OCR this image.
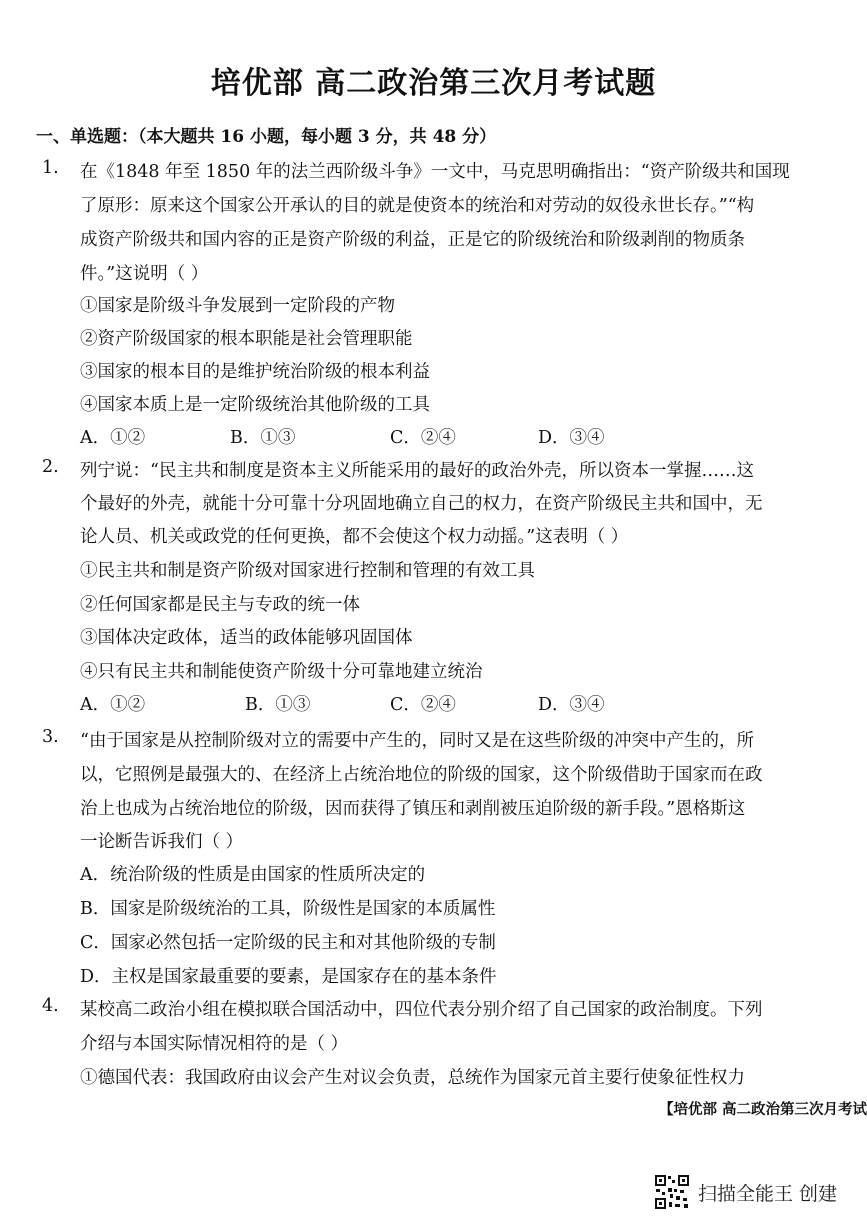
培优部 高二政治第三次月考试题
一、单选题：（本大题共 16 小题，每小题 3 分，共 48 分）
1. 在《1848 年至 1850 年的法兰西阶级斗争》一文中，马克思明确指出：“资产阶级共和国现
了原形：原来这个国家公开承认的目的就是使资本的统治和对劳动的奴役永世长存。”“构
成资产阶级共和国内容的正是资产阶级的利益，正是它的阶级统治和阶级剥削的物质条
件。”这说明（ ）
①国家是阶级斗争发展到一定阶段的产物
②资产阶级国家的根本职能是社会管理职能
③国家的根本目的是维护统治阶级的根本利益
④国家本质上是一定阶级统治其他阶级的工具
A．①②	B．①③	C．②④	D．③④
2. 列宁说：“民主共和制度是资本主义所能采用的最好的政治外壳，所以资本一掌握……这
个最好的外壳，就能十分可靠十分巩固地确立自己的权力，在资产阶级民主共和国中，无
论人员、机关或政党的任何更换，都不会使这个权力动摇。”这表明（ ）
①民主共和制是资产阶级对国家进行控制和管理的有效工具
②任何国家都是民主与专政的统一体
③国体决定政体，适当的政体能够巩固国体
④只有民主共和制能使资产阶级十分可靠地建立统治
A．①②	B．①③	C．②④	D．③④
3. “由于国家是从控制阶级对立的需要中产生的，同时又是在这些阶级的冲突中产生的，所
以，它照例是最强大的、在经济上占统治地位的阶级的国家，这个阶级借助于国家而在政
治上也成为占统治地位的阶级，因而获得了镇压和剥削被压迫阶级的新手段。”恩格斯这
一论断告诉我们（ ）
A．统治阶级的性质是由国家的性质所决定的
B．国家是阶级统治的工具，阶级性是国家的本质属性
C．国家必然包括一定阶级的民主和对其他阶级的专制
D．主权是国家最重要的要素，是国家存在的基本条件
4. 某校高二政治小组在模拟联合国活动中，四位代表分别介绍了自己国家的政治制度。下列
介绍与本国实际情况相符的是（ ）
①德国代表：我国政府由议会产生对议会负责，总统作为国家元首主要行使象征性权力
【培优部 高二政治第三次月考试
扫描全能王 创建
